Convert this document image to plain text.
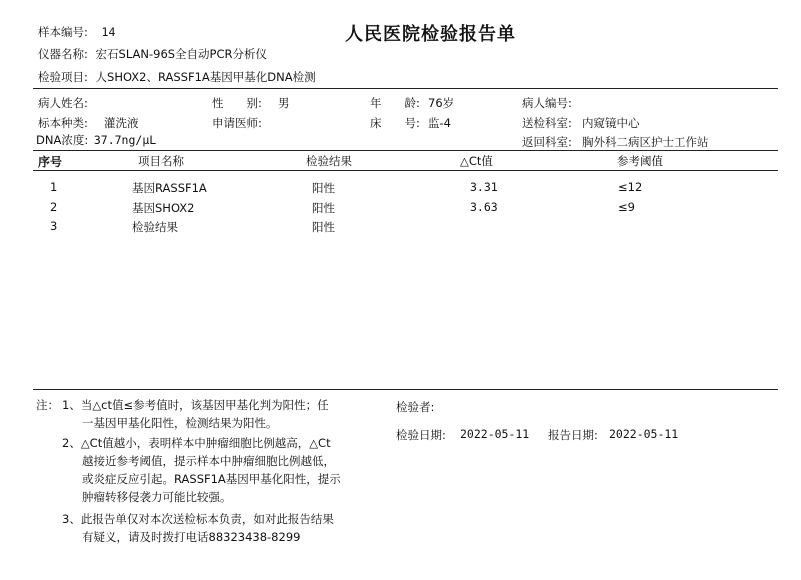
样本编号: 14	人民医院检验报告单
仪器名称: 宏石SLAN-96S全自动PCR分析仪
检验项目: 人SHOX2、RASSF1A基因甲基化DNA检测
病人姓名:	性　　别: 男	年　　龄: 76岁	病人编号:
标本种类: 灌洗液	申请医师:	床　　号: 监-4	送检科室: 内窥镜中心
DNA浓度: 37.7ng/μL	返回科室: 胸外科二病区护士工作站
序号	项目名称	检验结果	△Ct值	参考阈值
1	基因RASSF1A	阳性	3.31	≤12
2	基因SHOX2	阳性	3.63	≤9
3	检验结果	阳性
注： 1、当△ct值≤参考值时，该基因甲基化判为阳性；任
一基因甲基化阳性，检测结果为阳性。
2、△Ct值越小，表明样本中肿瘤细胞比例越高，△Ct
越接近参考阈值，提示样本中肿瘤细胞比例越低，
或炎症反应引起。RASSF1A基因甲基化阳性，提示
肿瘤转移侵袭力可能比较强。
3、此报告单仅对本次送检标本负责，如对此报告结果
有疑义，请及时拨打电话88323438-8299
检验者:
检验日期: 2022-05-11 报告日期: 2022-05-11
